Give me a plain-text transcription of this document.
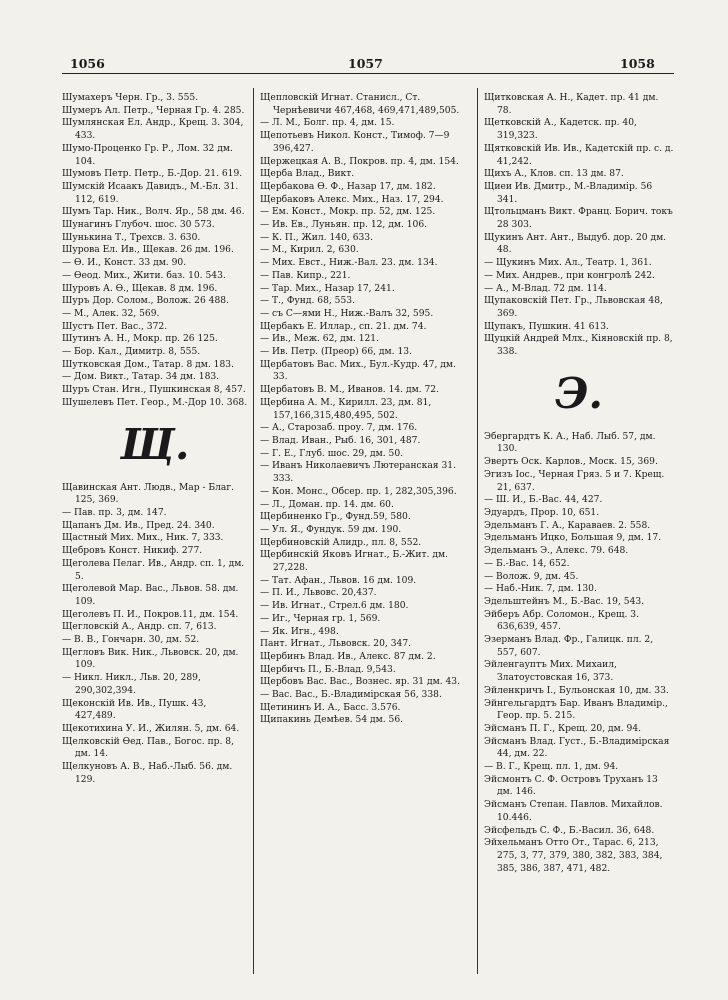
1056	1057	1058

Шумахеръ Черн. Гр., 3. 555.

Шумеръ Ал. Петр., Черная Гр. 4. 285.

Шумлянская Ел. Андр., Крещ. 3. 304, 433.

Шумо-Проценко Гр. Р., Лом. 32 дм. 104.

Шумовъ Петр. Петр., Б.-Дор. 21. 619.

Шумскій Исаакъ Давидъ., М.-Бл. 31. 112, 619.

Шумъ Тар. Ник., Волч. Яр., 58 дм. 46.

Шунагинъ Глубоч. шос. 30 573.

Шунькина Т., Трехсв. 3. 630.

Шурова Ел. Ив., Щекав. 26 дм. 196.

— Ѳ. И., Конст. 33 дм. 90.

— Ѳеод. Мих., Жити. бaз. 10. 543.

Шуровъ А. Ѳ., Щекав. 8 дм. 196.

Шуръ Дор. Солом., Волож. 26 488.

— М., Алек. 32, 569.

Шустъ Пет. Вас., 372.

Шутинъ А. Н., Мокр. пр. 26 125.

— Бор. Кал., Димитр. 8, 555.

Шутковская Дом., Татар. 8 дм. 183.

— Дом. Викт., Татар. 34 дм. 183.

Шуръ Стан. Игн., Пушкинская 8, 457.

Шушелевъ Пет. Геор., М.-Дор 10. 368.

Щ.

Щавинская Ант. Людв., Мар - Благ. 125, 369.

— Пав. пр. 3, дм. 147.

Щапанъ Дм. Ив., Пред. 24. 340.

Щастный Мих. Мих., Ник. 7, 333.

Щебровъ Конст. Никиф. 277.

Щеголева Пелаг. Ив., Андр. сп. 1, дм. 5.

Щеголевой Мар. Вас., Львов. 58. дм. 109.

Щеголевъ П. И., Покров.11, дм. 154.

Щегловскій А., Андр. сп. 7, 613.

— В. В., Гончарн. 30, дм. 52.

Щегловъ Вик. Ник., Львовск. 20, дм. 109.

— Никл. Никл., Льв. 20, 289, 290,302,394.

Щеконскій Ив. Ив., Пушк. 43, 427,489.

Щекотихина У. И., Жилян. 5, дм. 64.

Щелковскій Ѳед. Пав., Богос. пр. 8, дм. 14.

Щелкуновъ А. В., Наб.-Лыб. 56. дм. 129.

Щепловскій Игнат. Станисл., Ст. Чернѣевичи 467,468, 469,471,489,505.

— Л. М., Болг. пр. 4, дм. 15.

Щепотьевъ Никол. Конст., Тимоф. 7—9 396,427.

Щержецкая А. В., Покров. пр. 4, дм. 154.

Щерба Влад., Викт.

Щербакова Ѳ. Ф., Назар 17, дм. 182.

Щербаковъ Алекс. Мих., Наз. 17, 294.

— Ем. Конст., Мокр. пр. 52, дм. 125.

— Ив. Ев., Луньян. пр. 12, дм. 106.

— К. П., Жил. 140, 633.

— М., Кирил. 2, 630.

— Мих. Евст., Ниж.-Вал. 23. дм. 134.

— Пав. Кипр., 221.

— Тар. Мих., Назар 17, 241.

— Т., Фунд. 68, 553.

— съ С—ями Н., Ниж.-Валъ 32, 595.

Щербакъ Е. Иллар., сп. 21. дм. 74.

— Ив., Меж. 62, дм. 121.

— Ив. Петр. (Преор) 66, дм. 13.

Щербатовъ Вас. Мих., Бул.-Кудр. 47, дм. 33.

Щербатовъ В. М., Иванов. 14. дм. 72.

Щербина А. М., Кирилл. 23, дм. 81, 157,166,315,480,495, 502.

— А., Старозаб. проу. 7, дм. 176.

— Влад. Иван., Рыб. 16, 301, 487.

— Г. Е., Глуб. шос. 29, дм. 50.

— Иванъ Николаевичъ Лютеранская 31. 333.

— Кон. Монс., Обсер. пр. 1, 282,305,396.

— Л., Доман. пр. 14. дм. 60.

Щербиненко Гр., Фунд.59, 580.

— Ул. Я., Фундук. 59 дм. 190.

Щербиновскій Алидр., пл. 8, 552.

Щербинскій Яковъ Игнат., Б.-Жит. дм. 27,228.

— Тат. Афан., Львов. 16 дм. 109.

— П. И., Львовс. 20,437.

— Ив. Игнат., Стрел.6 дм. 180.

— Иг., Черная гр. 1, 569.

— Як. Игн., 498.

Пант. Игнат., Львовск. 20, 347.

Щербинъ Влад. Ив., Алекс. 87 дм. 2.

Щербичъ П., Б.-Влад. 9,543.

Щербовъ Вас. Вас., Вознес. яр. 31 дм. 43.

— Вас. Вас., Б.-Владимірская 56, 338.

Щетининъ И. А., Басс. 3.576.

Щипакинь Демѣев. 54 дм. 56.

Щитковская А. Н., Кадет. пр. 41 дм. 78.

Щетковскій А., Кадетск. пр. 40, 319,323.

Щятковскій Ив. Ив., Кадетскій пр. с. д. 41,242.

Щихъ А., Клов. сп. 13 дм. 87.

Щиеи Ив. Дмитр., М.-Владимір. 56 341.

Щтольцманъ Викт. Франц. Борич. токъ 28 303.

Щукинъ Ант. Ант., Выдуб. дор. 20 дм. 48.

— Щукинъ Мих. Ал., Театр. 1, 361.

— Мих. Андрев., при конгролѣ 242.

— А., М-Влад. 72 дм. 114.

Щупаковскій Пет. Гр., Львовская 48, 369.

Щупакъ, Пушкин. 41 613.

Щуцкій Андрей Млх., Кіяновскій пр. 8, 338.

Э.

Эбергардтъ К. А., Наб. Лыб. 57, дм. 130.

Эвертъ Оск. Карлов., Моск. 15, 369.

Эгизъ Іос., Черная Гряз. 5 и 7. Крещ. 21, 637.

— Ш. И., Б.-Вас. 44, 427.

Эдуардъ, Прор. 10, 651.

Эдельманъ Г. А., Караваев. 2. 558.

Эдельманъ Ицко, Большая 9, дм. 17.

Эдельманъ Э., Алекс. 79. 648.

— Б.-Вас. 14, 652.

— Волож. 9, дм. 45.

— Наб.-Ник. 7, дм. 130.

Эдельштейнъ М., Б.-Вас. 19, 543.

Эйберъ Абр. Соломон., Крещ. 3. 636,639, 457.

Эзерманъ Влад. Фр., Галицк. пл. 2, 557, 607.

Эйленгауптъ Мих. Михаил, Златоустовская 16, 373.

Эйленкричъ І., Бульонская 10, дм. 33.

Эйнгельгардтъ Бар. Иванъ Владимір., Геор. пр. 5. 215.

Эйсманъ П. Г., Крещ. 20, дм. 94.

Эйсманъ Влад. Густ., Б.-Владимірская 44, дм. 22.

— В. Г., Крещ. пл. 1, дм. 94.

Эйсмонтъ С. Ф. Островъ Труханъ 13 дм. 146.

Эйсманъ Степан. Павлов. Михайлов. 10.446.

Эйсфельдъ С. Ф., Б.-Васил. 36, 648.

Эйхельманъ Отто От., Тарас. 6, 213, 275, 3, 77, 379, 380, 382, 383, 384, 385, 386, 387, 471, 482.
